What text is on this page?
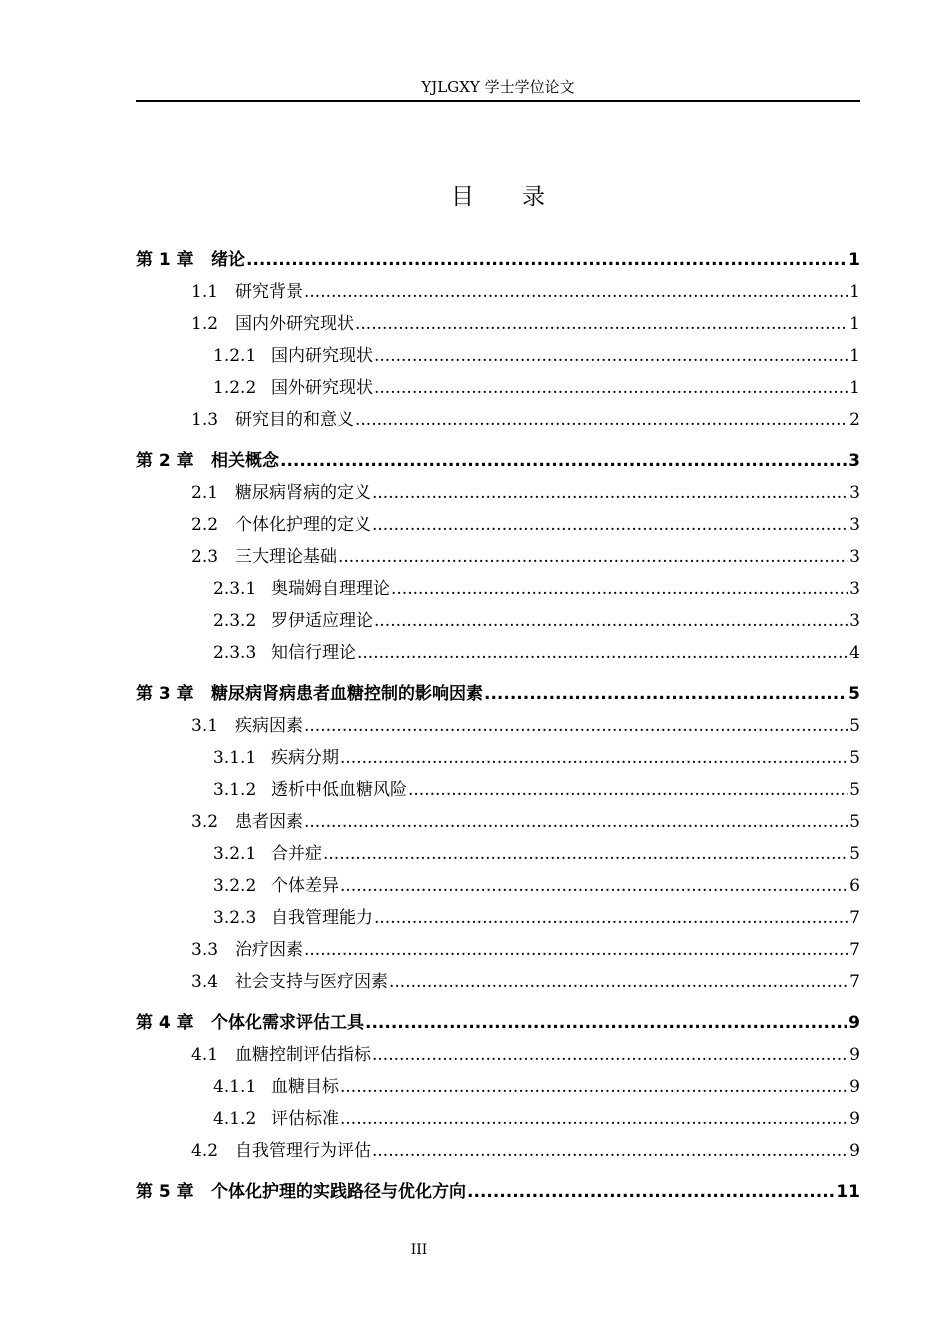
YJLGXY 学士学位论文
目录
第 1 章	绪论 .....	1
1.1 研究背景 .....	1
1.2 国内外研究现状 .....	1
1.2.1 国内研究现状 .....	1
1.2.2 国外研究现状 .....	1
1.3 研究目的和意义 .....	2
第 2 章	相关概念 .....	3
2.1 糖尿病肾病的定义 .....	3
2.2 个体化护理的定义 .....	3
2.3 三大理论基础 .....	3
2.3.1 奥瑞姆自理理论 .....	3
2.3.2 罗伊适应理论 .....	3
2.3.3 知信行理论 .....	4
第 3 章	糖尿病肾病患者血糖控制的影响因素 .....	5
3.1 疾病因素 .....	5
3.1.1 疾病分期 .....	5
3.1.2 透析中低血糖风险 .....	5
3.2 患者因素 .....	5
3.2.1 合并症 .....	5
3.2.2 个体差异 .....	6
3.2.3 自我管理能力 .....	7
3.3 治疗因素 .....	7
3.4 社会支持与医疗因素 .....	7
第 4 章	个体化需求评估工具 .....	9
4.1 血糖控制评估指标 .....	9
4.1.1 血糖目标 .....	9
4.1.2 评估标准 .....	9
4.2 自我管理行为评估 .....	9
第 5 章	个体化护理的实践路径与优化方向 .....	11
III
